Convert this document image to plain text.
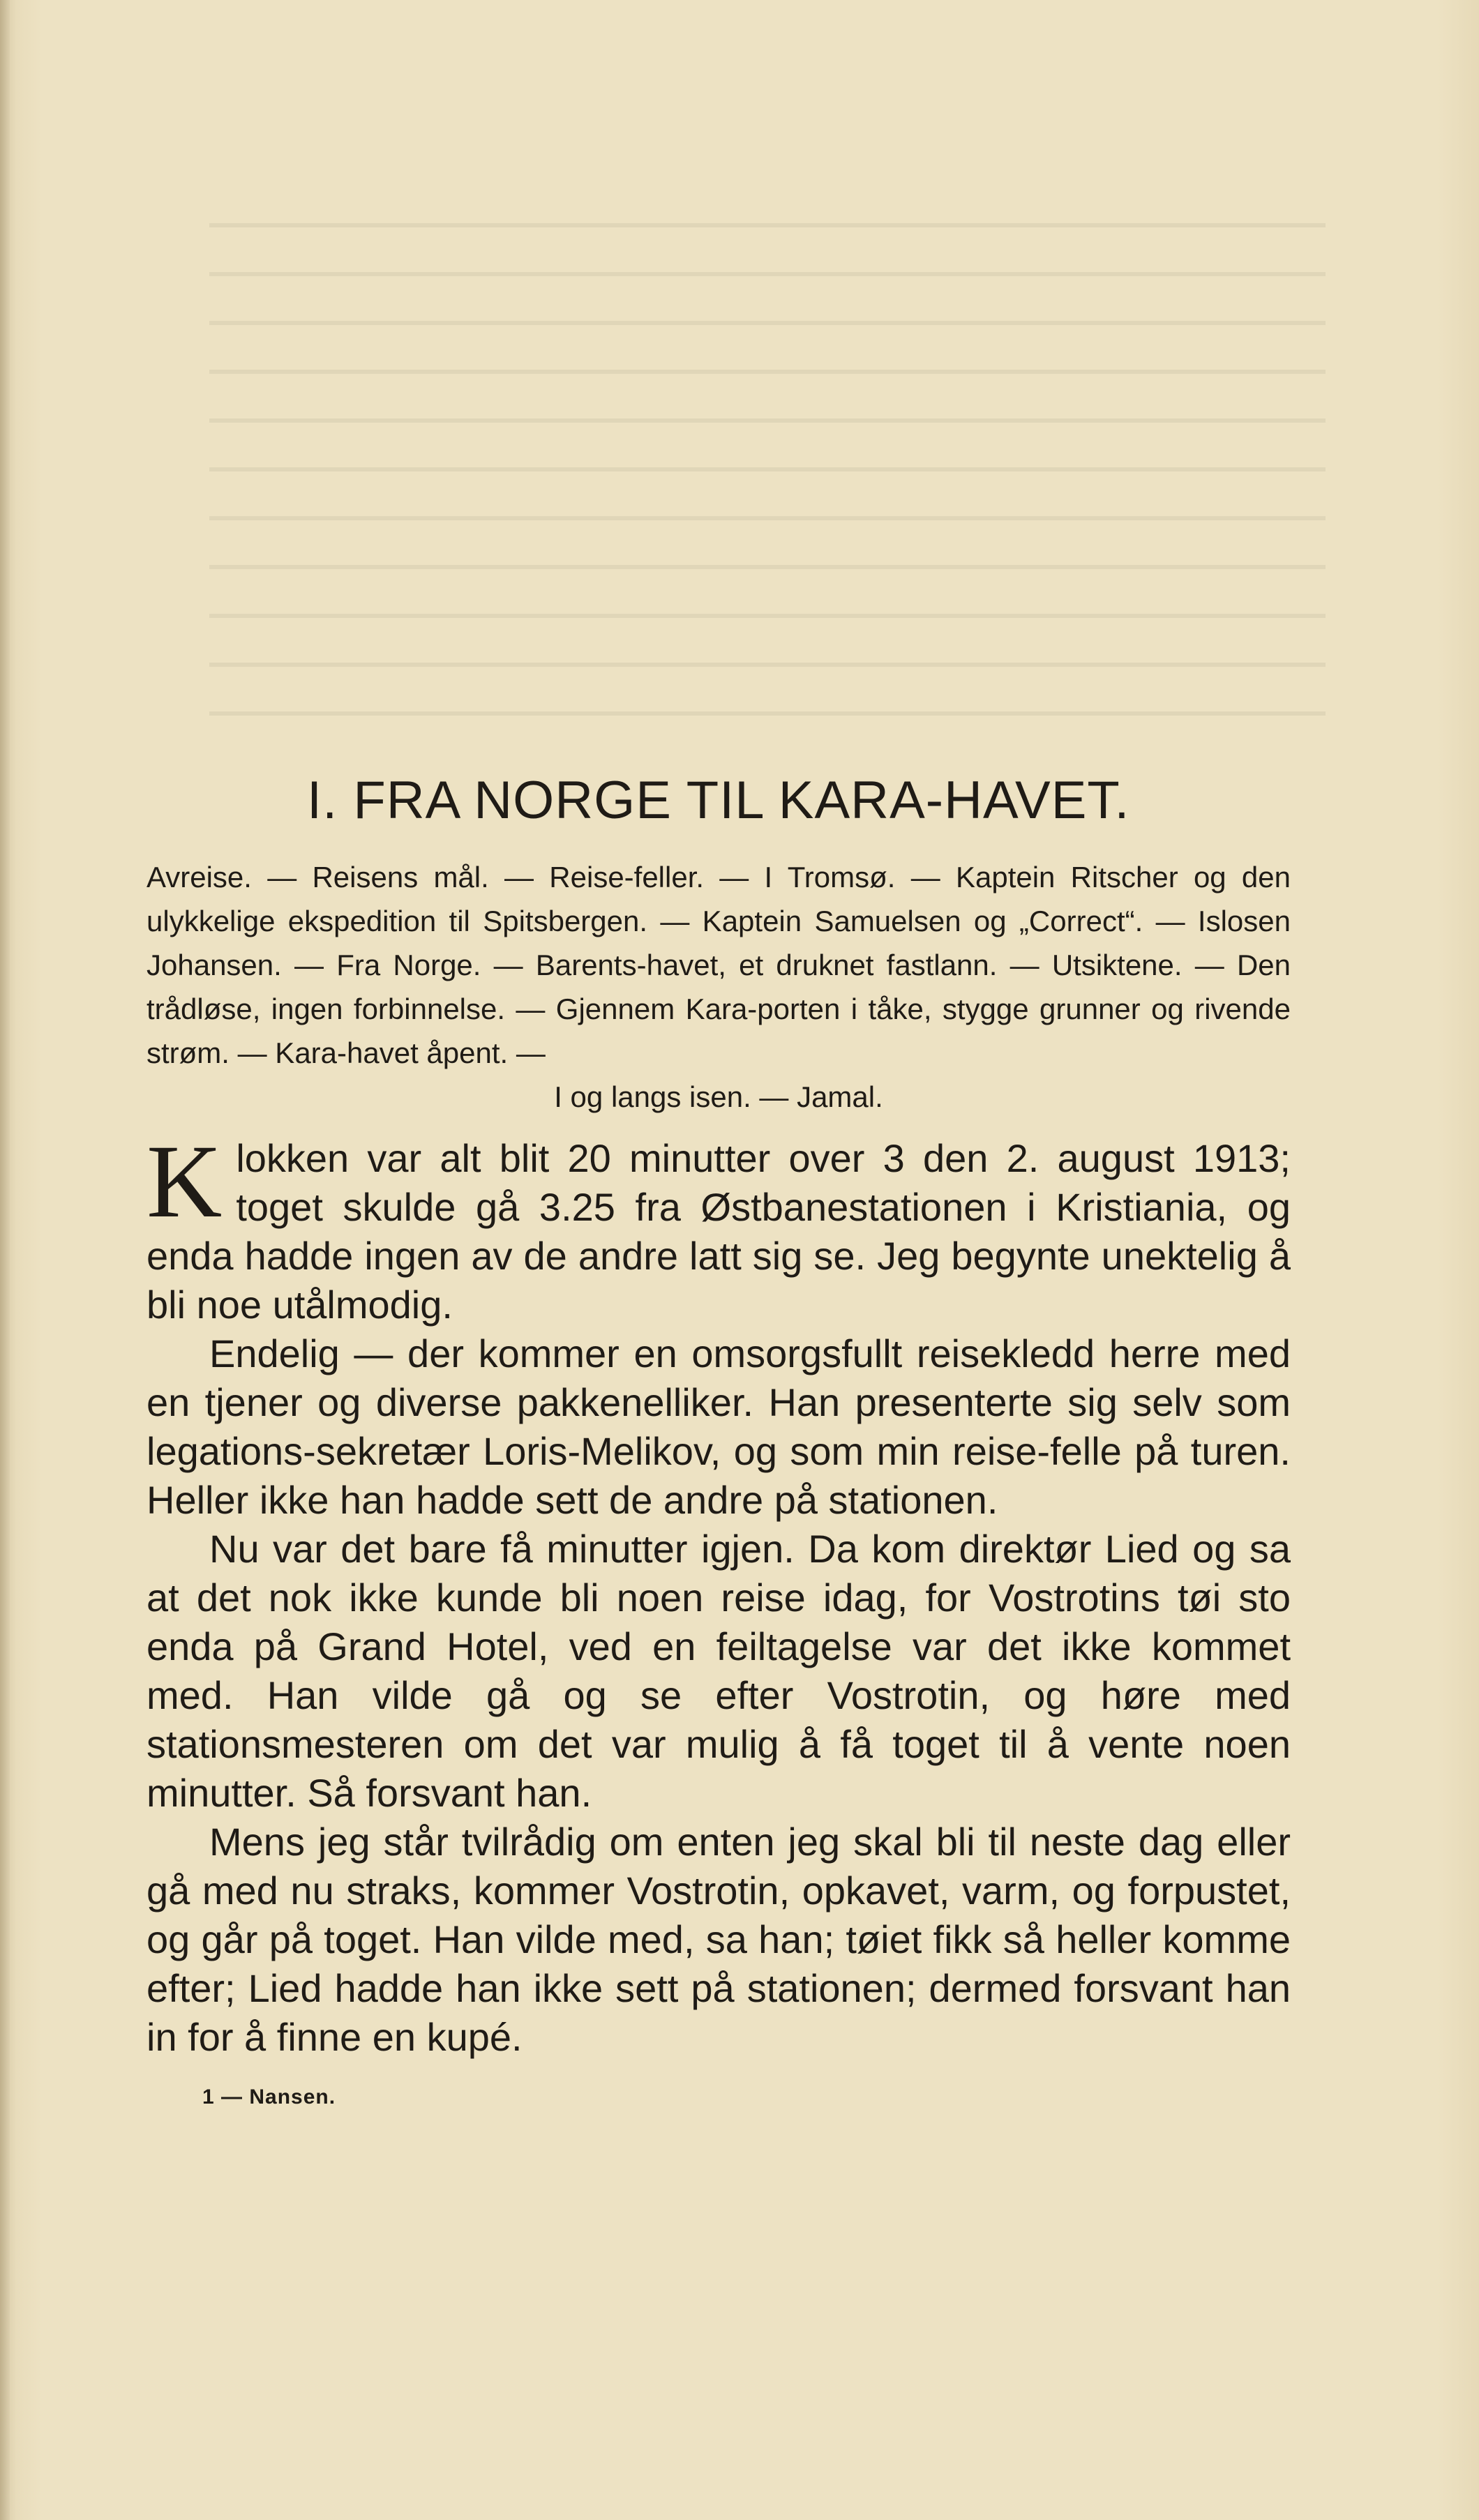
I. FRA NORGE TIL KARA-HAVET.
Avreise. — Reisens mål. — Reise-feller. — I Tromsø. — Kaptein Ritscher og den ulykkelige ekspedition til Spitsbergen. — Kaptein Samuelsen og „Correct“. — Islosen Johansen. — Fra Norge. — Barents-havet, et druknet fastlann. — Utsiktene. — Den trådløse, ingen forbinnelse. — Gjennem Kara-porten i tåke, stygge grunner og rivende strøm. — Kara-havet åpent. —
I og langs isen. — Jamal.

Klokken var alt blit 20 minutter over 3 den 2. august 1913; toget skulde gå 3.25 fra Østbanestationen i Kristiania, og enda hadde ingen av de andre latt sig se. Jeg begynte unektelig å bli noe utålmodig.

Endelig — der kommer en omsorgsfullt reisekledd herre med en tjener og diverse pakkenelliker. Han presenterte sig selv som legations-sekretær Loris-Melikov, og som min reise-felle på turen. Heller ikke han hadde sett de andre på stationen.

Nu var det bare få minutter igjen. Da kom direktør Lied og sa at det nok ikke kunde bli noen reise idag, for Vostrotins tøi sto enda på Grand Hotel, ved en feiltagelse var det ikke kommet med. Han vilde gå og se efter Vostrotin, og høre med stationsmesteren om det var mulig å få toget til å vente noen minutter. Så forsvant han.

Mens jeg står tvilrådig om enten jeg skal bli til neste dag eller gå med nu straks, kommer Vostrotin, opkavet, varm, og forpustet, og går på toget. Han vilde med, sa han; tøiet fikk så heller komme efter; Lied hadde han ikke sett på stationen; dermed forsvant han in for å finne en kupé.

1 — Nansen.
